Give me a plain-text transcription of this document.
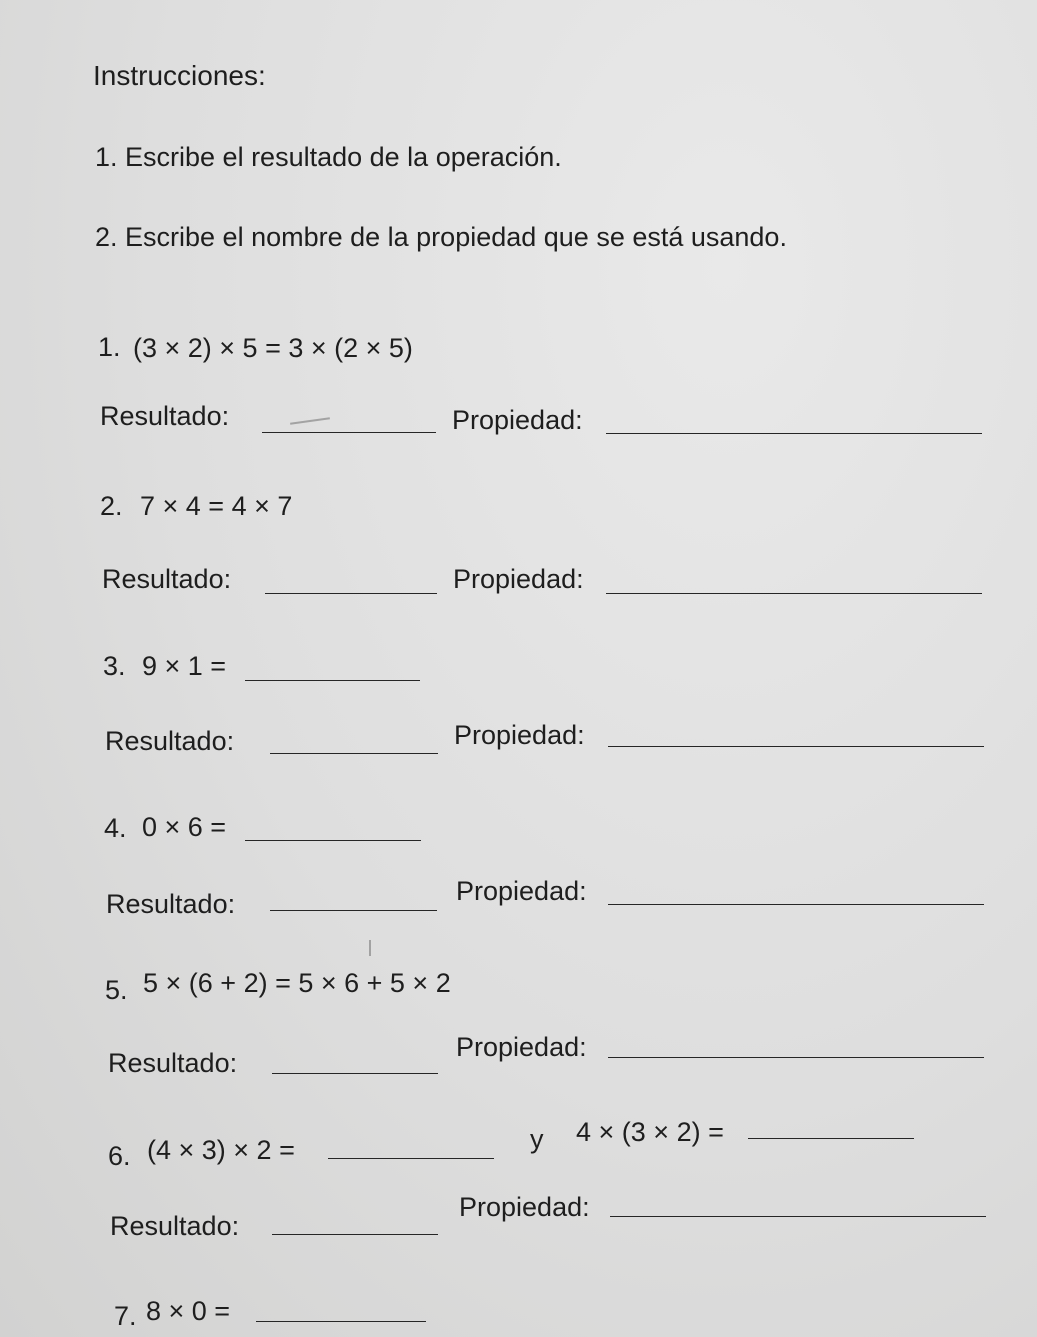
Instrucciones:
1. Escribe el resultado de la operación.
2. Escribe el nombre de la propiedad que se está usando.
1. (3 × 2) × 5 = 3 × (2 × 5)
Resultado:	Propiedad:
2. 7 × 4 = 4 × 7
Resultado:	Propiedad:
3. 9 × 1 =
Resultado:	Propiedad:
4. 0 × 6 =
Resultado:	Propiedad:
5. 5 × (6 + 2) = 5 × 6 + 5 × 2
Resultado:
Propiedad:
6. (4 × 3) × 2 =	y 4 × (3 × 2) =
Resultado:
Propiedad:
7. 8 × 0 =
